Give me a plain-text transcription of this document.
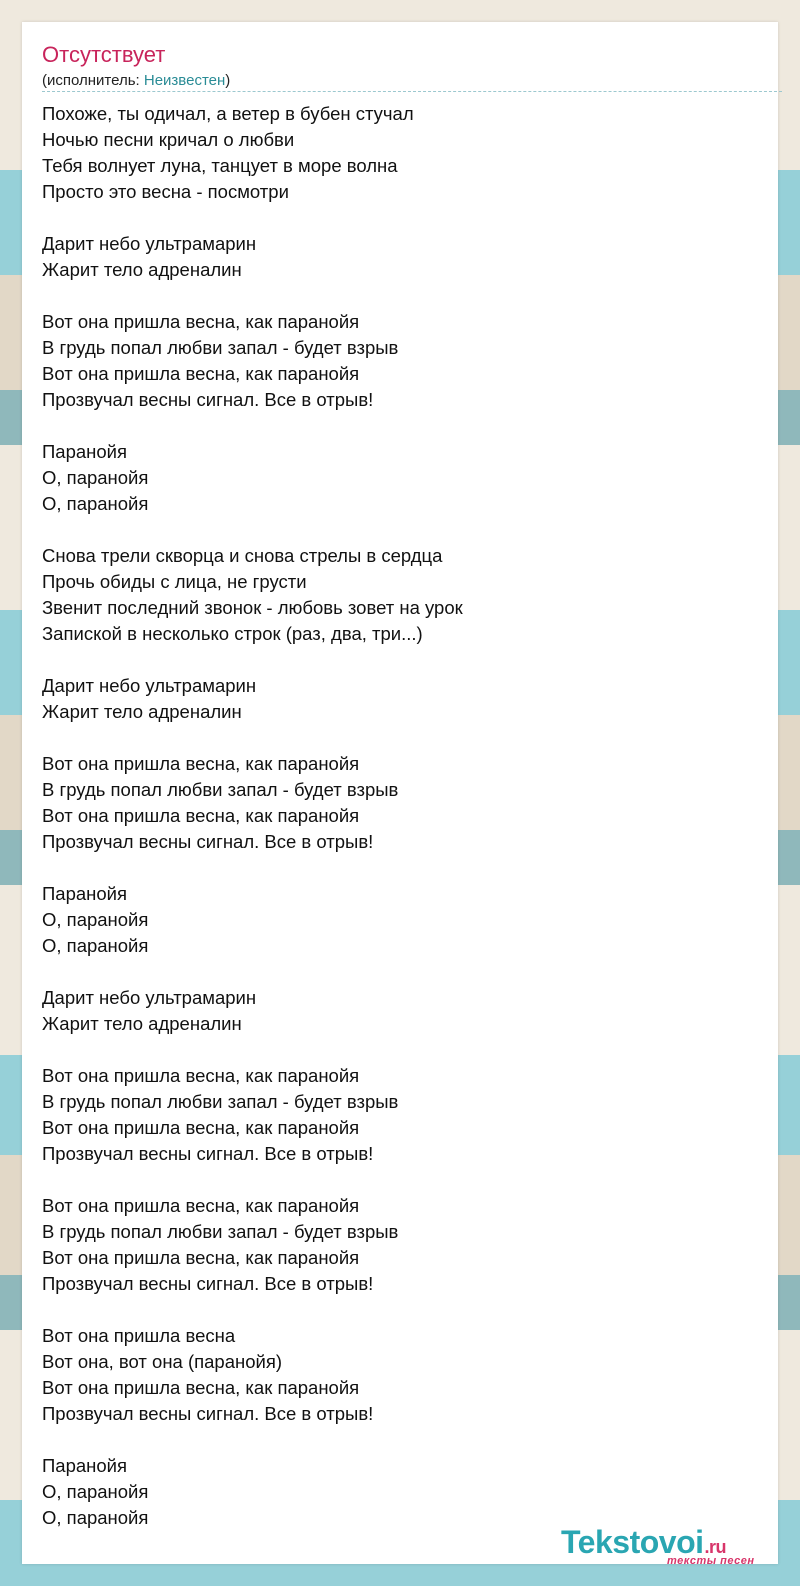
Отсутствует
(исполнитель: Неизвестен)
Похоже, ты одичал, а ветер в бубен стучал
Ночью песни кричал о любви
Тебя волнует луна, танцует в море волна
Просто это весна - посмотри
Дарит небо ультрамарин
Жарит тело адреналин
Вот она пришла весна, как паранойя
В грудь попал любви запал - будет взрыв
Вот она пришла весна, как паранойя
Прозвучал весны сигнал. Все в отрыв!
Паранойя
О, паранойя
О, паранойя
Снова трели скворца и снова стрелы в сердца
Прочь обиды с лица, не грусти
Звенит последний звонок - любовь зовет на урок
Запиской в несколько строк (раз, два, три...)
Дарит небо ультрамарин
Жарит тело адреналин
Вот она пришла весна, как паранойя
В грудь попал любви запал - будет взрыв
Вот она пришла весна, как паранойя
Прозвучал весны сигнал. Все в отрыв!
Паранойя
О, паранойя
О, паранойя
Дарит небо ультрамарин
Жарит тело адреналин
Вот она пришла весна, как паранойя
В грудь попал любви запал - будет взрыв
Вот она пришла весна, как паранойя
Прозвучал весны сигнал. Все в отрыв!
Вот она пришла весна, как паранойя
В грудь попал любви запал - будет взрыв
Вот она пришла весна, как паранойя
Прозвучал весны сигнал. Все в отрыв!
Вот она пришла весна
Вот она, вот она (паранойя)
Вот она пришла весна, как паранойя
Прозвучал весны сигнал. Все в отрыв!
Паранойя
О, паранойя
О, паранойя
Tekstovoi.ru
тексты песен
